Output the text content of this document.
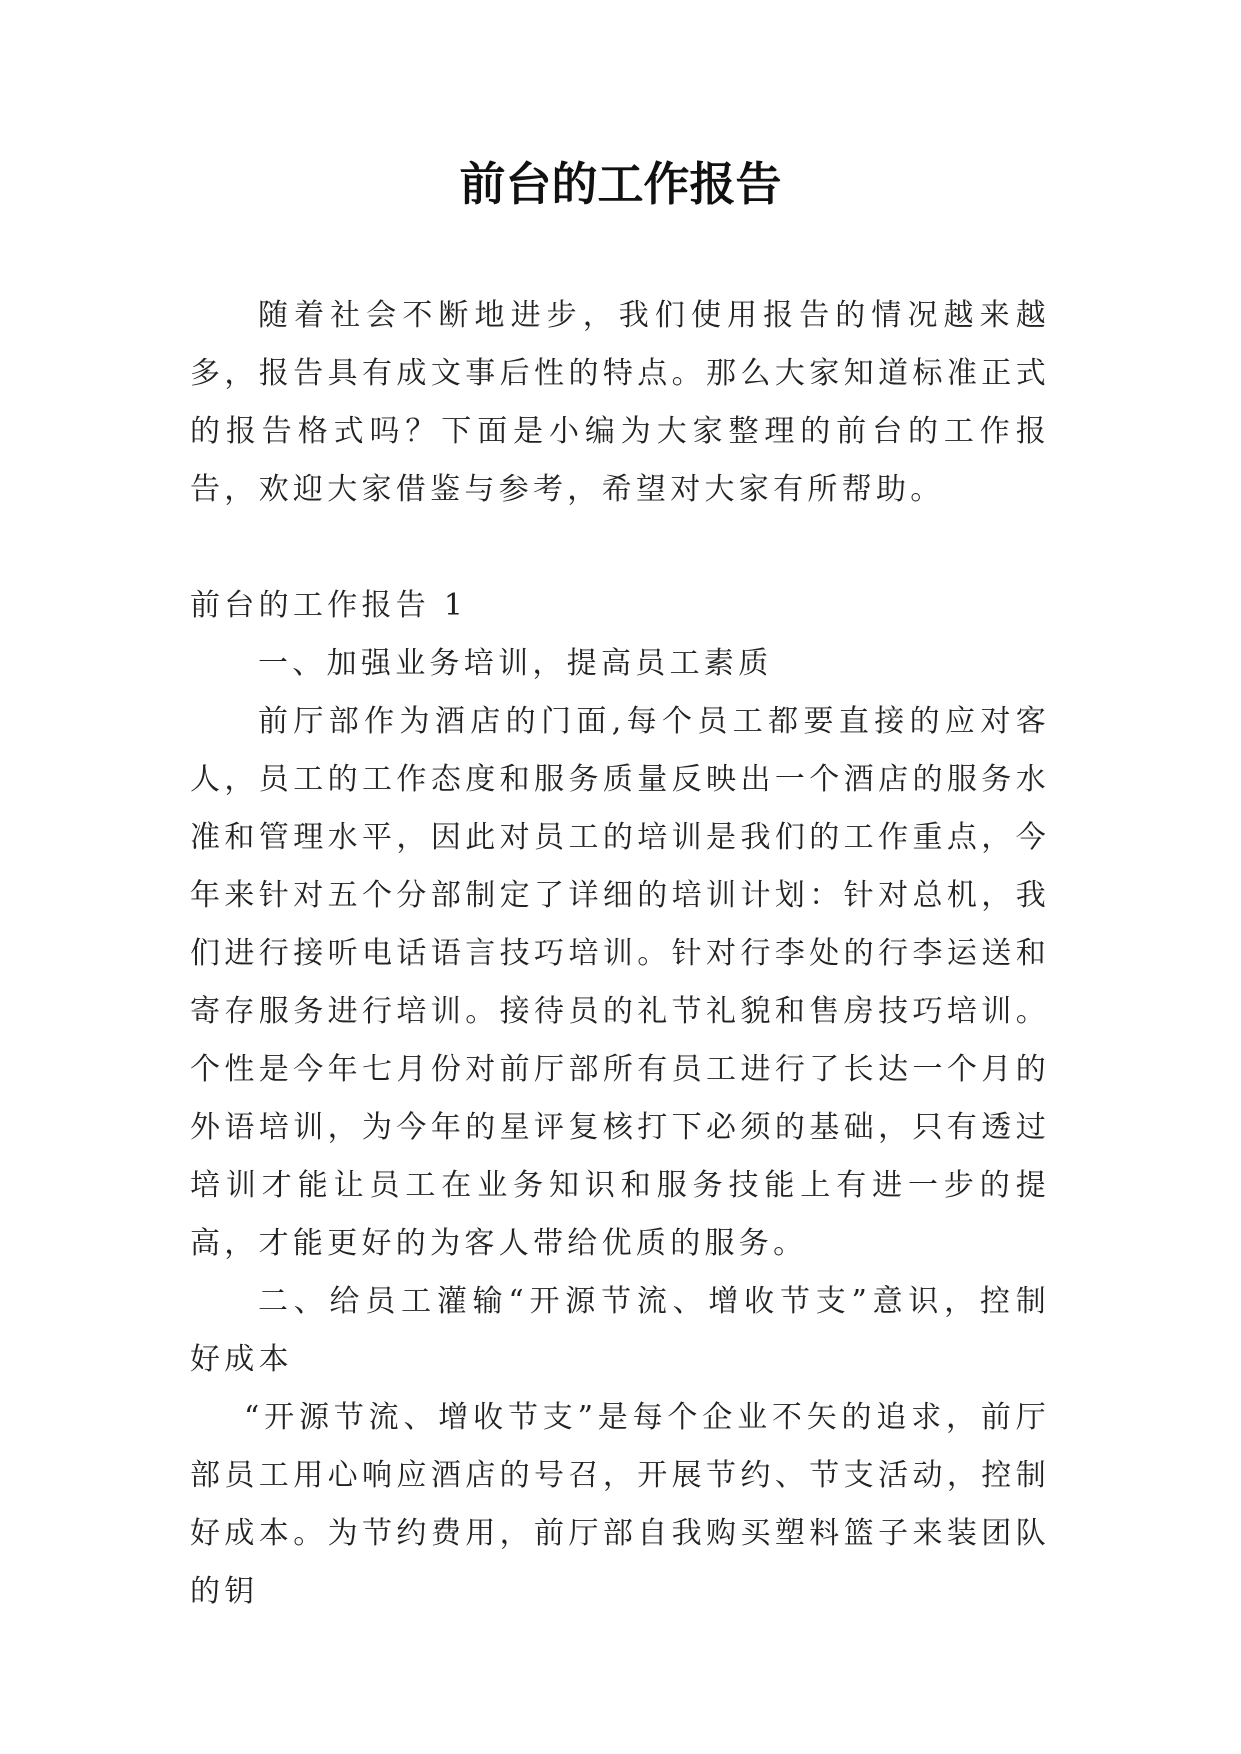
前台的工作报告

随着社会不断地进步，我们使用报告的情况越来越多，报告具有成文事后性的特点。那么大家知道标准正式的报告格式吗？下面是小编为大家整理的前台的工作报告，欢迎大家借鉴与参考，希望对大家有所帮助。

前台的工作报告 1

一、加强业务培训，提高员工素质

前厅部作为酒店的门面,每个员工都要直接的应对客人，员工的工作态度和服务质量反映出一个酒店的服务水准和管理水平，因此对员工的培训是我们的工作重点，今年来针对五个分部制定了详细的培训计划：针对总机，我们进行接听电话语言技巧培训。针对行李处的行李运送和寄存服务进行培训。接待员的礼节礼貌和售房技巧培训。个性是今年七月份对前厅部所有员工进行了长达一个月的外语培训，为今年的星评复核打下必须的基础，只有透过培训才能让员工在业务知识和服务技能上有进一步的提高，才能更好的为客人带给优质的服务。

二、给员工灌输“开源节流、增收节支”意识，控制好成本

“开源节流、增收节支”是每个企业不矢的追求，前厅部员工用心响应酒店的号召，开展节约、节支活动，控制好成本。为节约费用，前厅部自我购买塑料篮子来装团队的钥
